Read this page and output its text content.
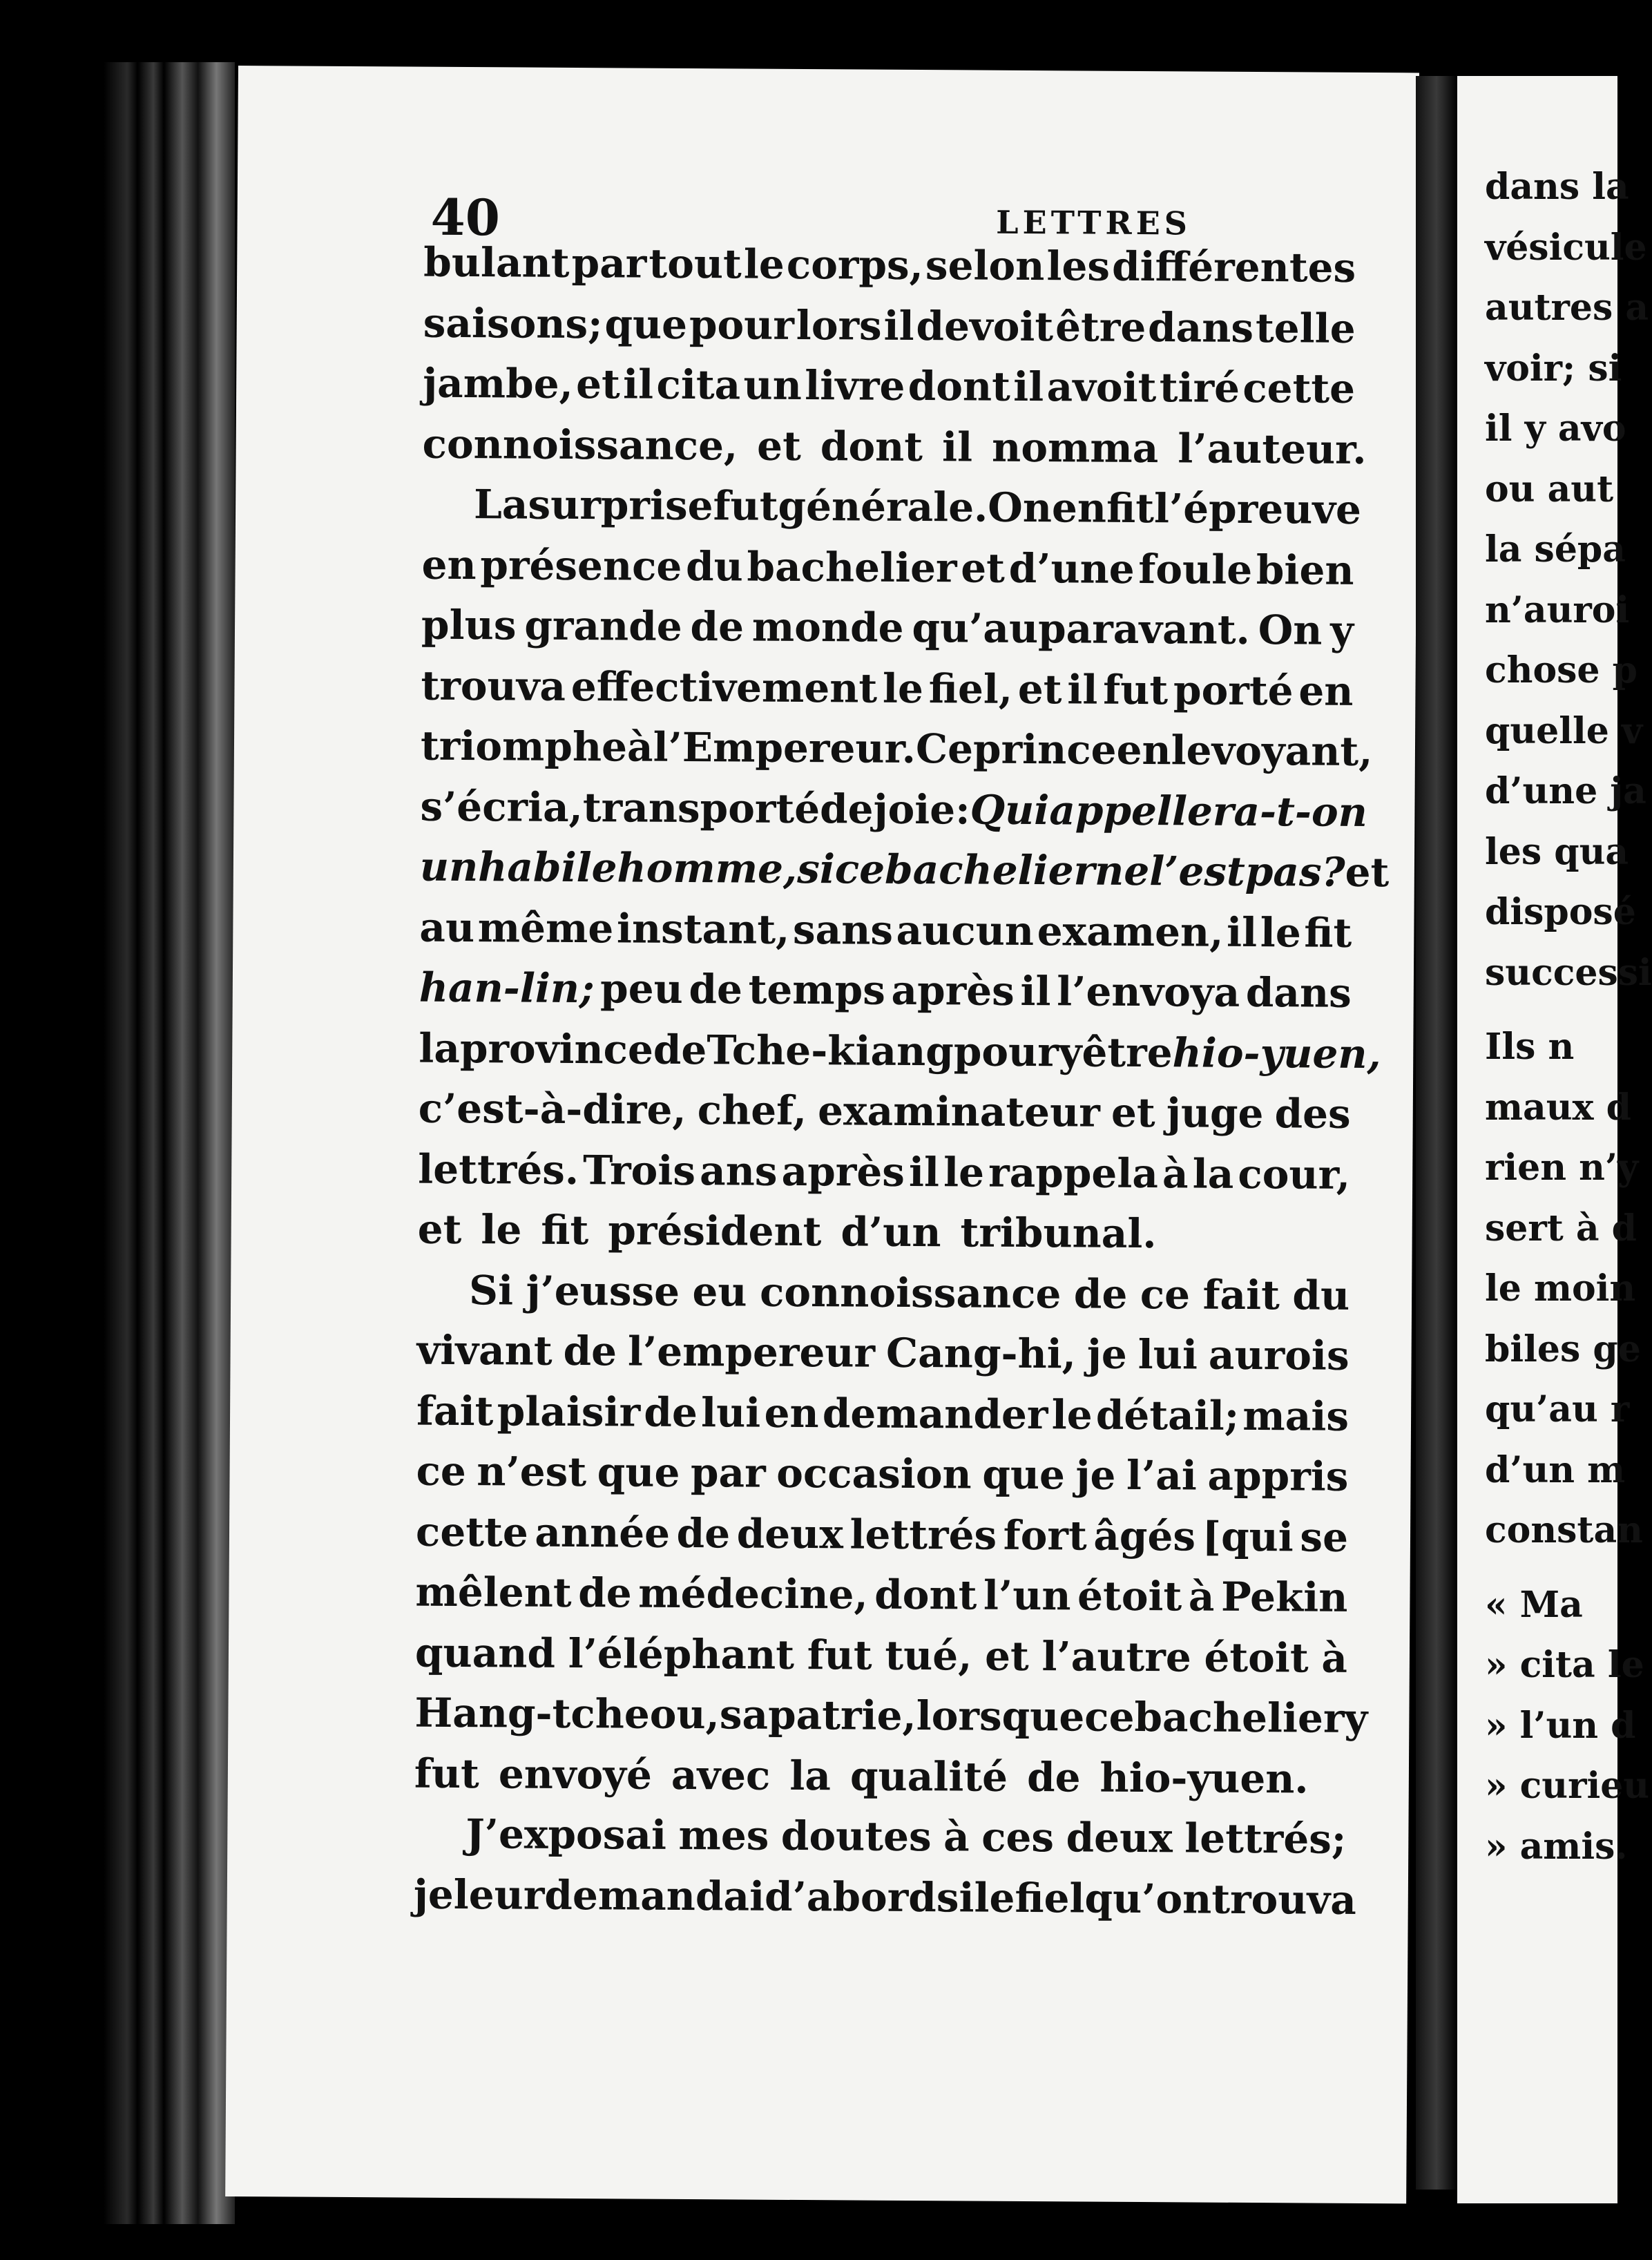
40	LETTRES
bulant par tout le corps, selon les différentes
saisons; que pour lors il devoit être dans telle
jambe, et il cita un livre dont il avoit tiré cette
connoissance, et dont il nomma l’auteur.
La surprise fut générale. On en fit l’épreuve
en présence du bachelier et d’une foule bien
plus grande de monde qu’auparavant. On y
trouva effectivement le fiel, et il fut porté en
triomphe à l’Empereur. Ce prince en le voyant,
s’écria, transporté de joie: Qui appellera-t-on
un habile homme, si ce bachelier ne l’est pas? et
au même instant, sans aucun examen, il le fit
han-lin; peu de temps après il l’envoya dans
la province de Tche-kiang pour y être hio-yuen,
c’est-à-dire, chef, examinateur et juge des
lettrés. Trois ans après il le rappela à la cour,
et le fit président d’un tribunal.
Si j’eusse eu connoissance de ce fait du
vivant de l’empereur Cang-hi, je lui aurois
fait plaisir de lui en demander le détail; mais
ce n’est que par occasion que je l’ai appris
cette année de deux lettrés fort âgés [qui se
mêlent de médecine, dont l’un étoit à Pekin
quand l’éléphant fut tué, et l’autre étoit à
Hang-tcheou, sa patrie, lorsque ce bachelier y
fut envoyé avec la qualité de hio-yuen.
J’exposai mes doutes à ces deux lettrés;
je leur demandai d’abord si le fiel qu’on trouva
dans la
vésicule
autres a
voir; si
il y avo
ou aut
la sépa
n’auroi
chose p
quelle v
d’une ja
les qua
disposé
successi
Ils n
maux d
rien n’y
sert à d
le moin
biles ge
qu’au r
d’un m
constan
« Ma
» cita le
» l’un d
» curieu
» amis.
